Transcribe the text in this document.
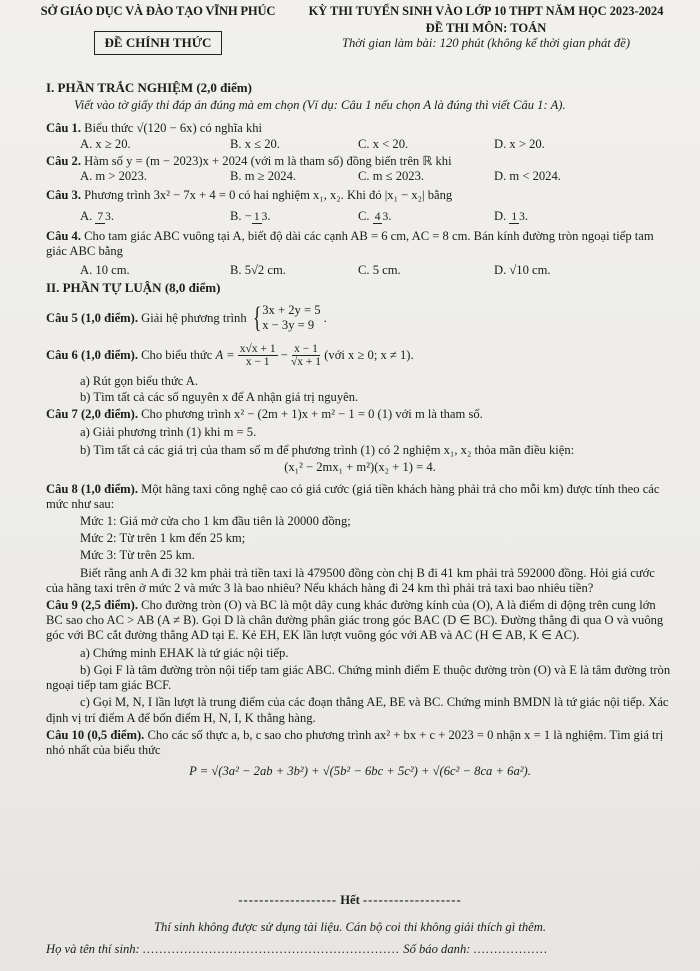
SỞ GIÁO DỤC VÀ ĐÀO TẠO VĨNH PHÚC
ĐỀ CHÍNH THỨC
KỲ THI TUYỂN SINH VÀO LỚP 10 THPT NĂM HỌC 2023-2024
ĐỀ THI MÔN: TOÁN
Thời gian làm bài: 120 phút (không kể thời gian phát đề)
I. PHẦN TRẮC NGHIỆM (2,0 điểm)
Viết vào tờ giấy thi đáp án đúng mà em chọn (Ví dụ: Câu 1 nếu chọn A là đúng thì viết Câu 1: A).
Câu 1. Biểu thức √(120 − 6x) có nghĩa khi
A. x ≥ 20.	B. x ≤ 20.	C. x < 20.	D. x > 20.
Câu 2. Hàm số y = (m − 2023)x + 2024 (với m là tham số) đồng biến trên ℝ khi
A. m > 2023.	B. m ≥ 2024.	C. m ≤ 2023.	D. m < 2024.
Câu 3. Phương trình 3x² − 7x + 4 = 0 có hai nghiệm x₁, x₂. Khi đó |x₁ − x₂| bằng
A. 7 3.	B. − 1 3.	C. 4 3.	D. 1 3.
Câu 4. Cho tam giác ABC vuông tại A, biết độ dài các cạnh AB = 6 cm, AC = 8 cm. Bán kính đường tròn ngoại tiếp tam giác ABC bằng
A. 10 cm.	B. 5√2 cm.	C. 5 cm.	D. √10 cm.
II. PHẦN TỰ LUẬN (8,0 điểm)
Câu 5 (1,0 điểm).
Giải hệ phương trình
{ 3x + 2y = 5
x − 3y = 9
.
Câu 6 (1,0 điểm).
Cho biểu thức
A =
$\frac{x√x + 1}{x - 1} - \frac{x - 1}{√x + 1}$
(với x ≥ 0; x ≠ 1).
a) Rút gọn biểu thức A.
b) Tìm tất cả các số nguyên x để A nhận giá trị nguyên.
Câu 7 (2,0 điểm). Cho phương trình x² − (2m + 1)x + m² − 1 = 0 (1) với m là tham số.
a) Giải phương trình (1) khi m = 5.
b) Tìm tất cả các giá trị của tham số m để phương trình (1) có 2 nghiệm x₁, x₂ thỏa mãn điều kiện:
(x₁² − 2mx₁ + m²)(x₂ + 1) = 4.
Câu 8 (1,0 điểm). Một hãng taxi công nghệ cao có giá cước (giá tiền khách hàng phải trả cho mỗi km) được tính theo các mức như sau:
Mức 1: Giá mở cửa cho 1 km đầu tiên là 20000 đồng;
Mức 2: Từ trên 1 km đến 25 km;
Mức 3: Từ trên 25 km.
Biết rằng anh A đi 32 km phải trả tiền taxi là 479500 đồng còn chị B đi 41 km phải trả 592000 đồng. Hỏi giá cước của hãng taxi trên ở mức 2 và mức 3 là bao nhiêu? Nếu khách hàng đi 24 km thì phải trả taxi bao nhiêu tiền?
Câu 9 (2,5 điểm). Cho đường tròn (O) và BC là một dây cung khác đường kính của (O), A là điểm di động trên cung lớn BC sao cho AC > AB (A ≠ B). Gọi D là chân đường phân giác trong góc BAC (D ∈ BC). Đường thẳng đi qua O và vuông góc với BC cắt đường thẳng AD tại E. Kẻ EH, EK lần lượt vuông góc với AB và AC (H ∈ AB, K ∈ AC).
a) Chứng minh EHAK là tứ giác nội tiếp.
b) Gọi F là tâm đường tròn nội tiếp tam giác ABC. Chứng minh điểm E thuộc đường tròn (O) và E là tâm đường tròn ngoại tiếp tam giác BCF.
c) Gọi M, N, I lần lượt là trung điểm của các đoạn thẳng AE, BE và BC. Chứng minh BMDN là tứ giác nội tiếp. Xác định vị trí điểm A để bốn điểm H, N, I, K thẳng hàng.
Câu 10 (0,5 điểm). Cho các số thực a, b, c sao cho phương trình ax² + bx + c + 2023 = 0 nhận x = 1 là nghiệm. Tìm giá trị nhỏ nhất của biểu thức
P = √(3a² − 2ab + 3b²) + √(5b² − 6bc + 5c²) + √(6c² − 8ca + 6a²).
------------------- Hết -------------------
Thí sinh không được sử dụng tài liệu. Cán bộ coi thi không giải thích gì thêm.
Họ và tên thí sinh: .............................................................. Số báo danh: ..................
